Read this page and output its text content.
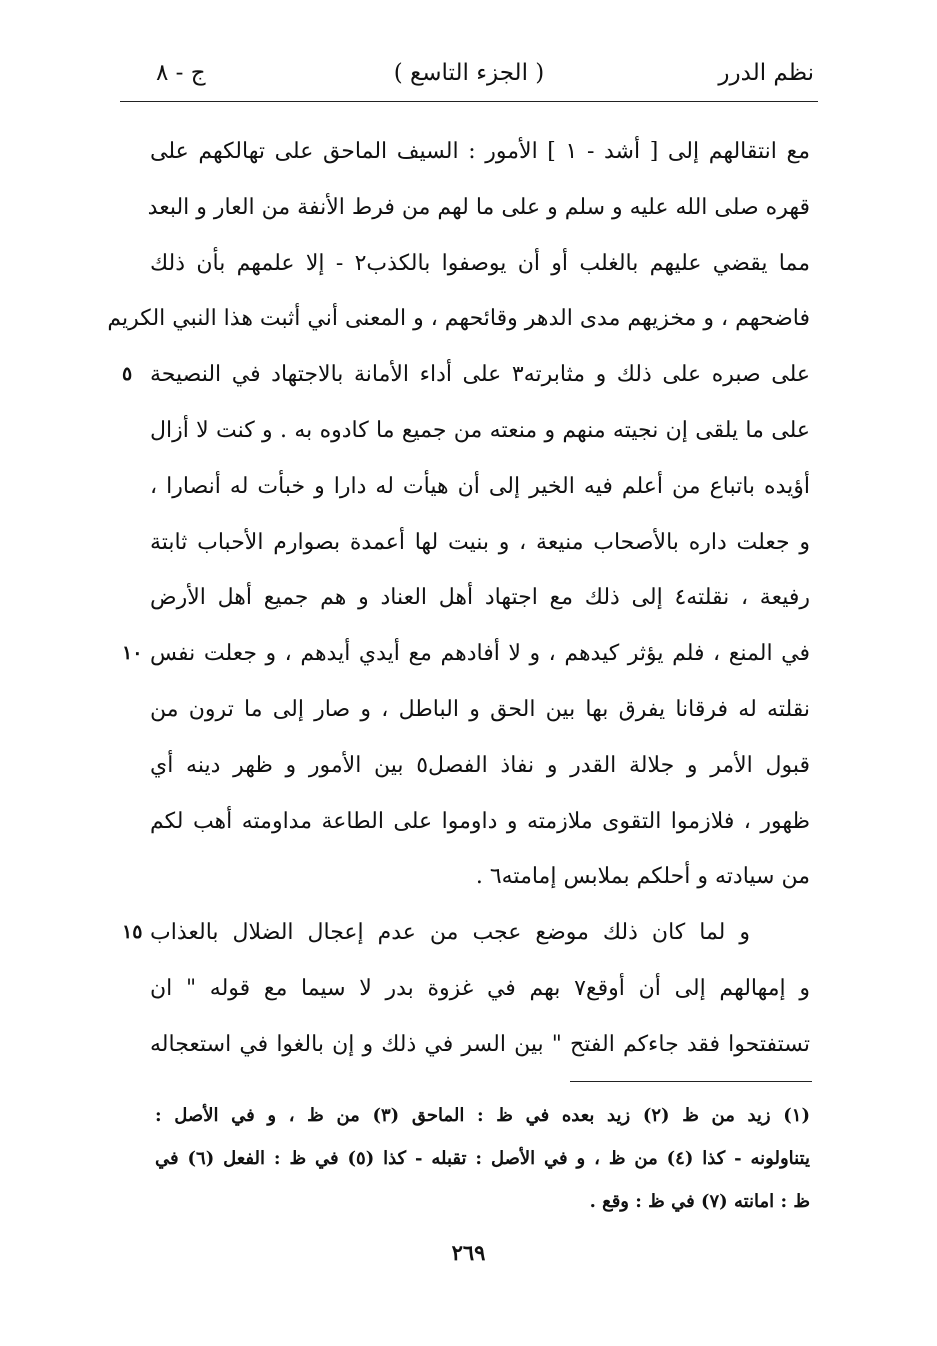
نظم الدرر
( الجزء التاسع )
ج - ٨
مع انتقالهم إلى [ أشد - ١ ] الأمور : السيف الماحق على تهالكهم على
قهره صلى الله عليه و سلم و على ما لهم من فرط الأنفة من العار و البعد
مما يقضي عليهم بالغلب أو أن يوصفوا بالكذب٢ - إلا علمهم بأن ذلك
فاضحهم ، و مخزيهم مدى الدهر وقائحهم ، و المعنى أني أثبت هذا النبي الكريم
على صبره على ذلك و مثابرته٣ على أداء الأمانة بالاجتهاد في النصيحة
٥
على ما يلقى إن نجيته منهم و منعته من جميع ما كادوه به . و كنت لا أزال
أؤيده باتباع من أعلم فيه الخير إلى أن هيأت له دارا و خبأت له أنصارا ،
و جعلت داره بالأصحاب منيعة ، و بنيت لها أعمدة بصوارم الأحباب ثابتة
رفيعة ، نقلته٤ إلى ذلك مع اجتهاد أهل العناد و هم جميع أهل الأرض
في المنع ، فلم يؤثر كيدهم ، و لا أفادهم مع أيدي أيدهم ، و جعلت نفس
١٠
نقلته له فرقانا يفرق بها بين الحق و الباطل ، و صار إلى ما ترون من
قبول الأمر و جلالة القدر و نفاذ الفصل٥ بين الأمور و ظهر دينه أي
ظهور ، فلازموا التقوى ملازمته و داوموا على الطاعة مداومته أهب لكم
من سيادته و أحلكم بملابس إمامته٦ .
و لما كان ذلك موضع عجب من عدم إعجال الضلال بالعذاب
١٥
و إمهالهم إلى أن أوقع٧ بهم في غزوة بدر لا سيما مع قوله " ان
تستفتحوا فقد جاءكم الفتح " بين السر في ذلك و إن بالغوا في استعجاله
(١) زيد من ظ (٢) زيد بعده في ظ : الماحق (٣) من ظ ، و في الأصل :
يتناولونه - كذا (٤) من ظ ، و في الأصل : تقبله - كذا (٥) في ظ : الفعل (٦) في
ظ : امانته (٧) في ظ : وقع .
٢٦٩
